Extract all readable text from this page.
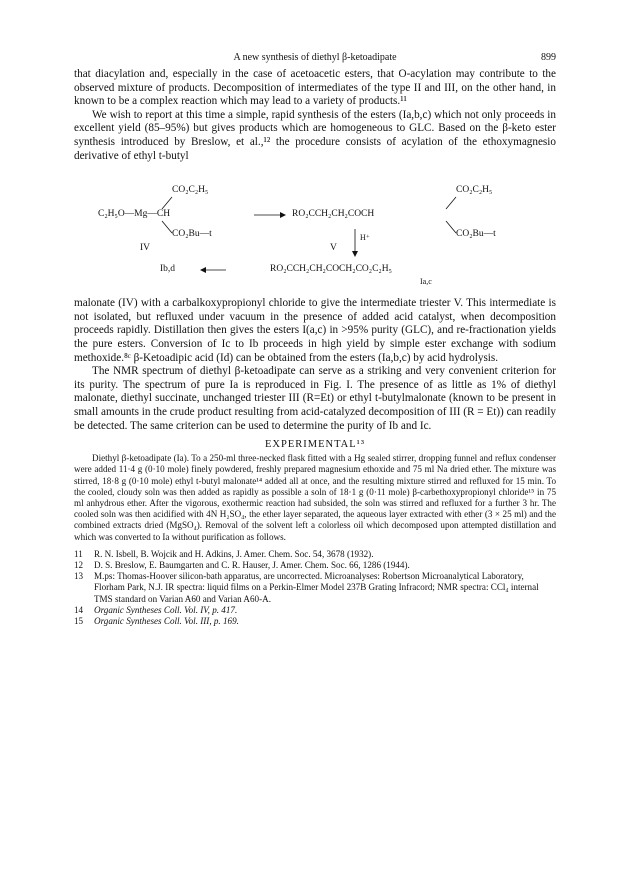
A new synthesis of diethyl β-ketoadipate	899

that diacylation and, especially in the case of acetoacetic esters, that O-acylation may contribute to the observed mixture of products. Decomposition of intermediates of the type II and III, on the other hand, in known to be a complex reaction which may lead to a variety of products.¹¹

We wish to report at this time a simple, rapid synthesis of the esters (Ia,b,c) which not only proceeds in excellent yield (85–95%) but gives products which are homogeneous to GLC. Based on the β-keto ester synthesis introduced by Breslow, et al.,¹² the procedure consists of acylation of the ethoxymagnesio derivative of ethyl t-butyl

CO₂C₂H₅
C₂H₅O—Mg—CH
CO₂Bu—t
IV
RO₂CCH₂CH₂COCH
CO₂C₂H₅
CO₂Bu—t
V
H⁺
Ib,d	RO₂CCH₂CH₂COCH₂CO₂C₂H₅
Ia,c

malonate (IV) with a carbalkoxypropionyl chloride to give the intermediate triester V. This intermediate is not isolated, but refluxed under vacuum in the presence of added acid catalyst, when decomposition proceeds rapidly. Distillation then gives the esters I(a,c) in >95% purity (GLC), and re-fractionation yields the pure esters. Conversion of Ic to Ib proceeds in high yield by simple ester exchange with sodium methoxide.⁸ᶜ β-Ketoadipic acid (Id) can be obtained from the esters (Ia,b,c) by acid hydrolysis.

The NMR spectrum of diethyl β-ketoadipate can serve as a striking and very convenient criterion for its purity. The spectrum of pure Ia is reproduced in Fig. I. The presence of as little as 1% of diethyl malonate, diethyl succinate, unchanged triester III (R=Et) or ethyl t-butylmalonate (known to be present in small amounts in the crude product resulting from acid-catalyzed decomposition of III (R = Et)) can readily be detected. The same criterion can be used to determine the purity of Ib and Ic.

EXPERIMENTAL¹³

Diethyl β-ketoadipate (Ia). To a 250-ml three-necked flask fitted with a Hg sealed stirrer, dropping funnel and reflux condenser were added 11·4 g (0·10 mole) finely powdered, freshly prepared magnesium ethoxide and 75 ml Na dried ether. The mixture was stirred, 18·8 g (0·10 mole) ethyl t-butyl malonate¹⁴ added all at once, and the resulting mixture stirred and refluxed for 15 min. To the cooled, cloudy soln was then added as rapidly as possible a soln of 18·1 g (0·11 mole) β-carbethoxypropionyl chloride¹⁵ in 75 ml anhydrous ether. After the vigorous, exothermic reaction had subsided, the soln was stirred and refluxed for a further 3 hr. The cooled soln was then acidified with 4N H₂SO₄, the ether layer separated, the aqueous layer extracted with ether (3 × 25 ml) and the combined extracts dried (MgSO₄). Removal of the solvent left a colorless oil which decomposed upon attempted distillation and which was converted to Ia without purification as follows.

11 R. N. Isbell, B. Wojcik and H. Adkins, J. Amer. Chem. Soc. 54, 3678 (1932).
12 D. S. Breslow, E. Baumgarten and C. R. Hauser, J. Amer. Chem. Soc. 66, 1286 (1944).
13 M.ps: Thomas-Hoover silicon-bath apparatus, are uncorrected. Microanalyses: Robertson Microanalytical Laboratory, Florham Park, N.J. IR spectra: liquid films on a Perkin-Elmer Model 237B Grating Infracord; NMR spectra: CCl₄ internal TMS standard on Varian A60 and Varian A60-A.
14 Organic Syntheses Coll. Vol. IV, p. 417.
15 Organic Syntheses Coll. Vol. III, p. 169.
